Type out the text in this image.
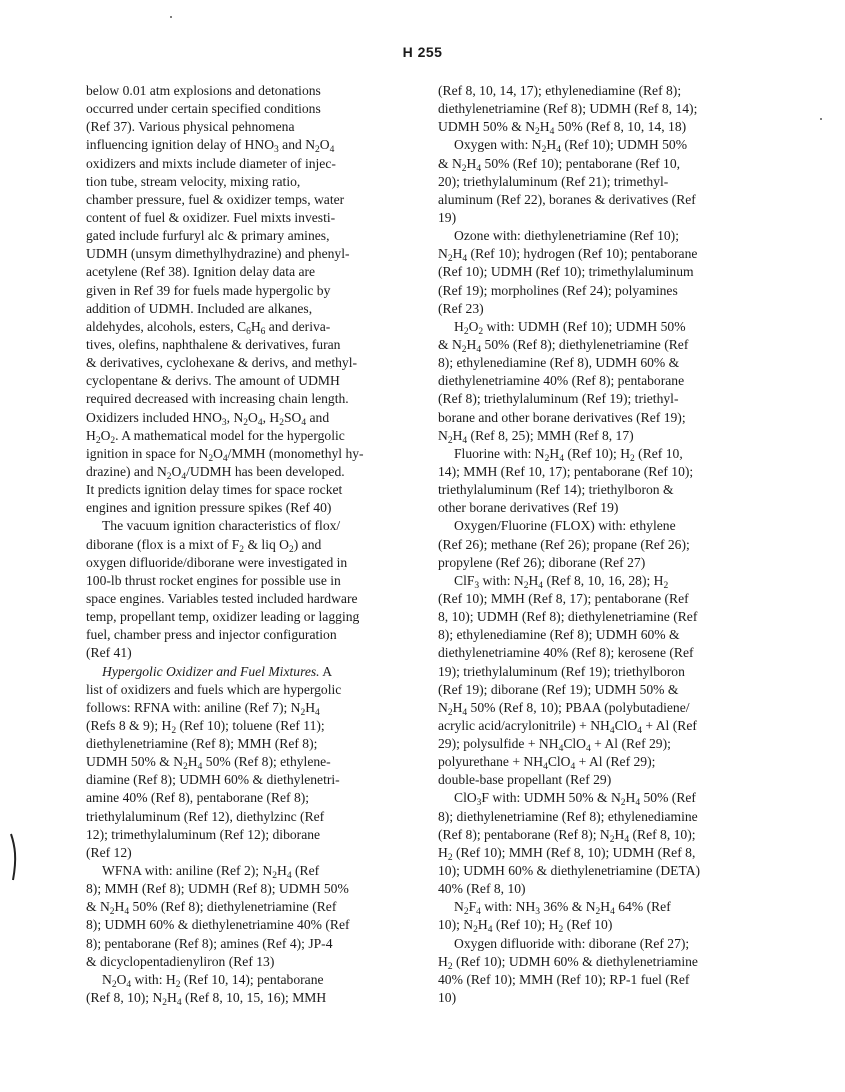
H 255
below 0.01 atm explosions and detonations
occurred under certain specified conditions
(Ref 37). Various physical pehnomena
influencing ignition delay of $HNO_3$ and $N_2O_4$
oxidizers and mixts include diameter of injec-
tion tube, stream velocity, mixing ratio,
chamber pressure, fuel & oxidizer temps, water
content of fuel & oxidizer. Fuel mixts investi-
gated include furfuryl alc & primary amines,
UDMH (unsym dimethylhydrazine) and phenyl-
acetylene (Ref 38). Ignition delay data are
given in Ref 39 for fuels made hypergolic by
addition of UDMH. Included are alkanes,
aldehydes, alcohols, esters, $C_6H_6$ and deriva-
tives, olefins, naphthalene & derivatives, furan
& derivatives, cyclohexane & derivs, and methyl-
cyclopentane & derivs. The amount of UDMH
required decreased with increasing chain length.
Oxidizers included $HNO_3$, $N_2O_4$, $H_2SO_4$ and
$H_2O_2$. A mathematical model for the hypergolic
ignition in space for $N_2O_4$/MMH (monomethyl hy-
drazine) and $N_2O_4$/UDMH has been developed.
It predicts ignition delay times for space rocket
engines and ignition pressure spikes (Ref 40)
The vacuum ignition characteristics of flox/
diborane (flox is a mixt of $F_2$ & liq $O_2$) and
oxygen difluoride/diborane were investigated in
100-lb thrust rocket engines for possible use in
space engines. Variables tested included hardware
temp, propellant temp, oxidizer leading or lagging
fuel, chamber press and injector configuration
(Ref 41)
Hypergolic Oxidizer and Fuel Mixtures. A
list of oxidizers and fuels which are hypergolic
follows: RFNA with: aniline (Ref 7); $N_2H_4$
(Refs 8 & 9); $H_2$ (Ref 10); toluene (Ref 11);
diethylenetriamine (Ref 8); MMH (Ref 8);
UDMH 50% & $N_2H_4$ 50% (Ref 8); ethylene-
diamine (Ref 8); UDMH 60% & diethylenetri-
amine 40% (Ref 8), pentaborane (Ref 8);
triethylaluminum (Ref 12), diethylzinc (Ref
12); trimethylaluminum (Ref 12); diborane
(Ref 12)
WFNA with: aniline (Ref 2); $N_2H_4$ (Ref
8); MMH (Ref 8); UDMH (Ref 8); UDMH 50%
& $N_2H_4$ 50% (Ref 8); diethylenetriamine (Ref
8); UDMH 60% & diethylenetriamine 40% (Ref
8); pentaborane (Ref 8); amines (Ref 4); JP-4
& dicyclopentadienyliron (Ref 13)
$N_2O_4$ with: $H_2$ (Ref 10, 14); pentaborane
(Ref 8, 10); $N_2H_4$ (Ref 8, 10, 15, 16); MMH
(Ref 8, 10, 14, 17); ethylenediamine (Ref 8);
diethylenetriamine (Ref 8); UDMH (Ref 8, 14);
UDMH 50% & $N_2H_4$ 50% (Ref 8, 10, 14, 18)
Oxygen with: $N_2H_4$ (Ref 10); UDMH 50%
& $N_2H_4$ 50% (Ref 10); pentaborane (Ref 10,
20); triethylaluminum (Ref 21); trimethyl-
aluminum (Ref 22), boranes & derivatives (Ref
19)
Ozone with: diethylenetriamine (Ref 10);
$N_2H_4$ (Ref 10); hydrogen (Ref 10); pentaborane
(Ref 10); UDMH (Ref 10); trimethylaluminum
(Ref 19); morpholines (Ref 24); polyamines
(Ref 23)
$H_2O_2$ with: UDMH (Ref 10); UDMH 50%
& $N_2H_4$ 50% (Ref 8); diethylenetriamine (Ref
8); ethylenediamine (Ref 8), UDMH 60% &
diethylenetriamine 40% (Ref 8); pentaborane
(Ref 8); triethylaluminum (Ref 19); triethyl-
borane and other borane derivatives (Ref 19);
$N_2H_4$ (Ref 8, 25); MMH (Ref 8, 17)
Fluorine with: $N_2H_4$ (Ref 10); $H_2$ (Ref 10,
14); MMH (Ref 10, 17); pentaborane (Ref 10);
triethylaluminum (Ref 14); triethylboron &
other borane derivatives (Ref 19)
Oxygen/Fluorine (FLOX) with: ethylene
(Ref 26); methane (Ref 26); propane (Ref 26);
propylene (Ref 26); diborane (Ref 27)
ClF$_3$ with: $N_2H_4$ (Ref 8, 10, 16, 28); $H_2$
(Ref 10); MMH (Ref 8, 17); pentaborane (Ref
8, 10); UDMH (Ref 8); diethylenetriamine (Ref
8); ethylenediamine (Ref 8); UDMH 60% &
diethylenetriamine 40% (Ref 8); kerosene (Ref
19); triethylaluminum (Ref 19); triethylboron
(Ref 19); diborane (Ref 19); UDMH 50% &
$N_2H_4$ 50% (Ref 8, 10); PBAA (polybutadiene/
acrylic acid/acrylonitrile) + $NH_4ClO_4 + Al$ (Ref
29); polysulfide + $NH_4ClO_4 + Al$ (Ref 29);
polyurethane + $NH_4ClO_4 + Al$ (Ref 29);
double-base propellant (Ref 29)
ClO$_3$F with: UDMH 50% & $N_2H_4$ 50% (Ref
8); diethylenetriamine (Ref 8); ethylenediamine
(Ref 8); pentaborane (Ref 8); $N_2H_4$ (Ref 8, 10);
$H_2$ (Ref 10); MMH (Ref 8, 10); UDMH (Ref 8,
10); UDMH 60% & diethylenetriamine (DETA)
40% (Ref 8, 10)
$N_2F_4$ with: $NH_3$ 36% & $N_2H_4$ 64% (Ref
10); $N_2H_4$ (Ref 10); $H_2$ (Ref 10)
Oxygen difluoride with: diborane (Ref 27);
$H_2$ (Ref 10); UDMH 60% & diethylenetriamine
40% (Ref 10); MMH (Ref 10); RP-1 fuel (Ref
10)
